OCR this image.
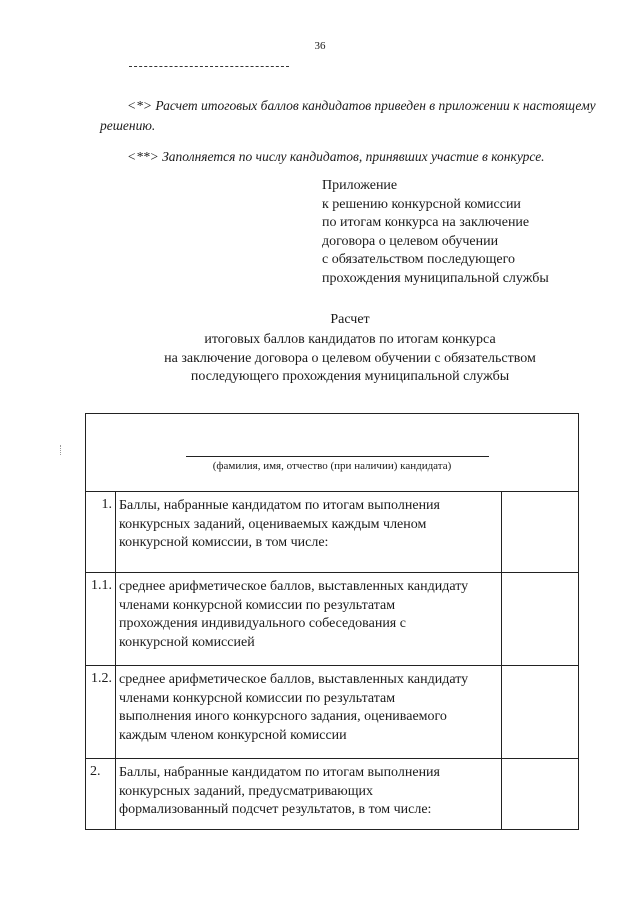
36
<*> Расчет итоговых баллов кандидатов приведен в приложении к настоящему решению.
<**> Заполняется по числу кандидатов, принявших участие в конкурсе.
Приложение
к решению конкурсной комиссии
по итогам конкурса на заключение
договора о целевом обучении
с обязательством последующего
прохождения муниципальной службы
Расчет
итоговых баллов кандидатов по итогам конкурса
на заключение договора о целевом обучении с обязательством
последующего прохождения муниципальной службы
(фамилия, имя, отчество (при наличии) кандидата)
1. Баллы, набранные кандидатом по итогам выполнения
конкурсных заданий, оцениваемых каждым членом
конкурсной комиссии, в том числе:
1.1. среднее арифметическое баллов, выставленных кандидату
членами конкурсной комиссии по результатам
прохождения индивидуального собеседования с
конкурсной комиссией
1.2. среднее арифметическое баллов, выставленных кандидату
членами конкурсной комиссии по результатам
выполнения иного конкурсного задания, оцениваемого
каждым членом конкурсной комиссии
2.	Баллы, набранные кандидатом по итогам выполнения
конкурсных заданий, предусматривающих
формализованный подсчет результатов, в том числе:
